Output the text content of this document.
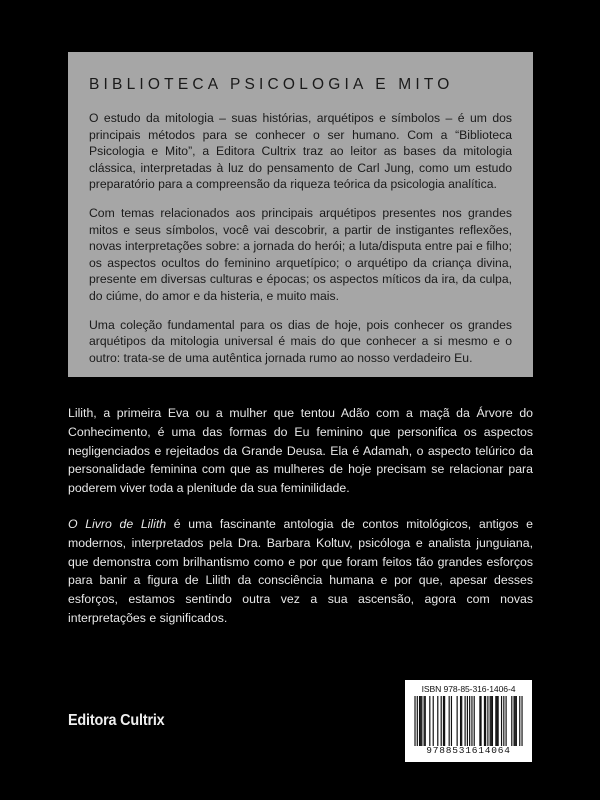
BIBLIOTECA PSICOLOGIA E MITO

O estudo da mitologia – suas histórias, arquétipos e símbolos – é um dos principais métodos para se conhecer o ser humano. Com a “Biblioteca Psicologia e Mito”, a Editora Cultrix traz ao leitor as bases da mitologia clássica, interpretadas à luz do pensamento de Carl Jung, como um estudo preparatório para a compreensão da riqueza teórica da psicologia analítica.

Com temas relacionados aos principais arquétipos presentes nos grandes mitos e seus símbolos, você vai descobrir, a partir de instigantes reflexões, novas interpretações sobre: a jornada do herói; a luta/disputa entre pai e filho; os aspectos ocultos do feminino arquetípico; o arquétipo da criança divina, presente em diversas culturas e épocas; os aspectos míticos da ira, da culpa, do ciúme, do amor e da histeria, e muito mais.

Uma coleção fundamental para os dias de hoje, pois conhecer os grandes arquétipos da mitologia universal é mais do que conhecer a si mesmo e o outro: trata-se de uma autêntica jornada rumo ao nosso verdadeiro Eu.

Lilith, a primeira Eva ou a mulher que tentou Adão com a maçã da Árvore do Conhecimento, é uma das formas do Eu feminino que personifica os aspectos negligenciados e rejeitados da Grande Deusa. Ela é Adamah, o aspecto telúrico da personalidade feminina com que as mulheres de hoje precisam se relacionar para poderem viver toda a plenitude da sua feminilidade.

O Livro de Lilith é uma fascinante antologia de contos mitológicos, antigos e modernos, interpretados pela Dra. Barbara Koltuv, psicóloga e analista junguiana, que demonstra com brilhantismo como e por que foram feitos tão grandes esforços para banir a figura de Lilith da consciência humana e por que, apesar desses esforços, estamos sentindo outra vez a sua ascensão, agora com novas interpretações e significados.

Editora Cultrix
ISBN 978-85-316-1406-4
9788531614064
